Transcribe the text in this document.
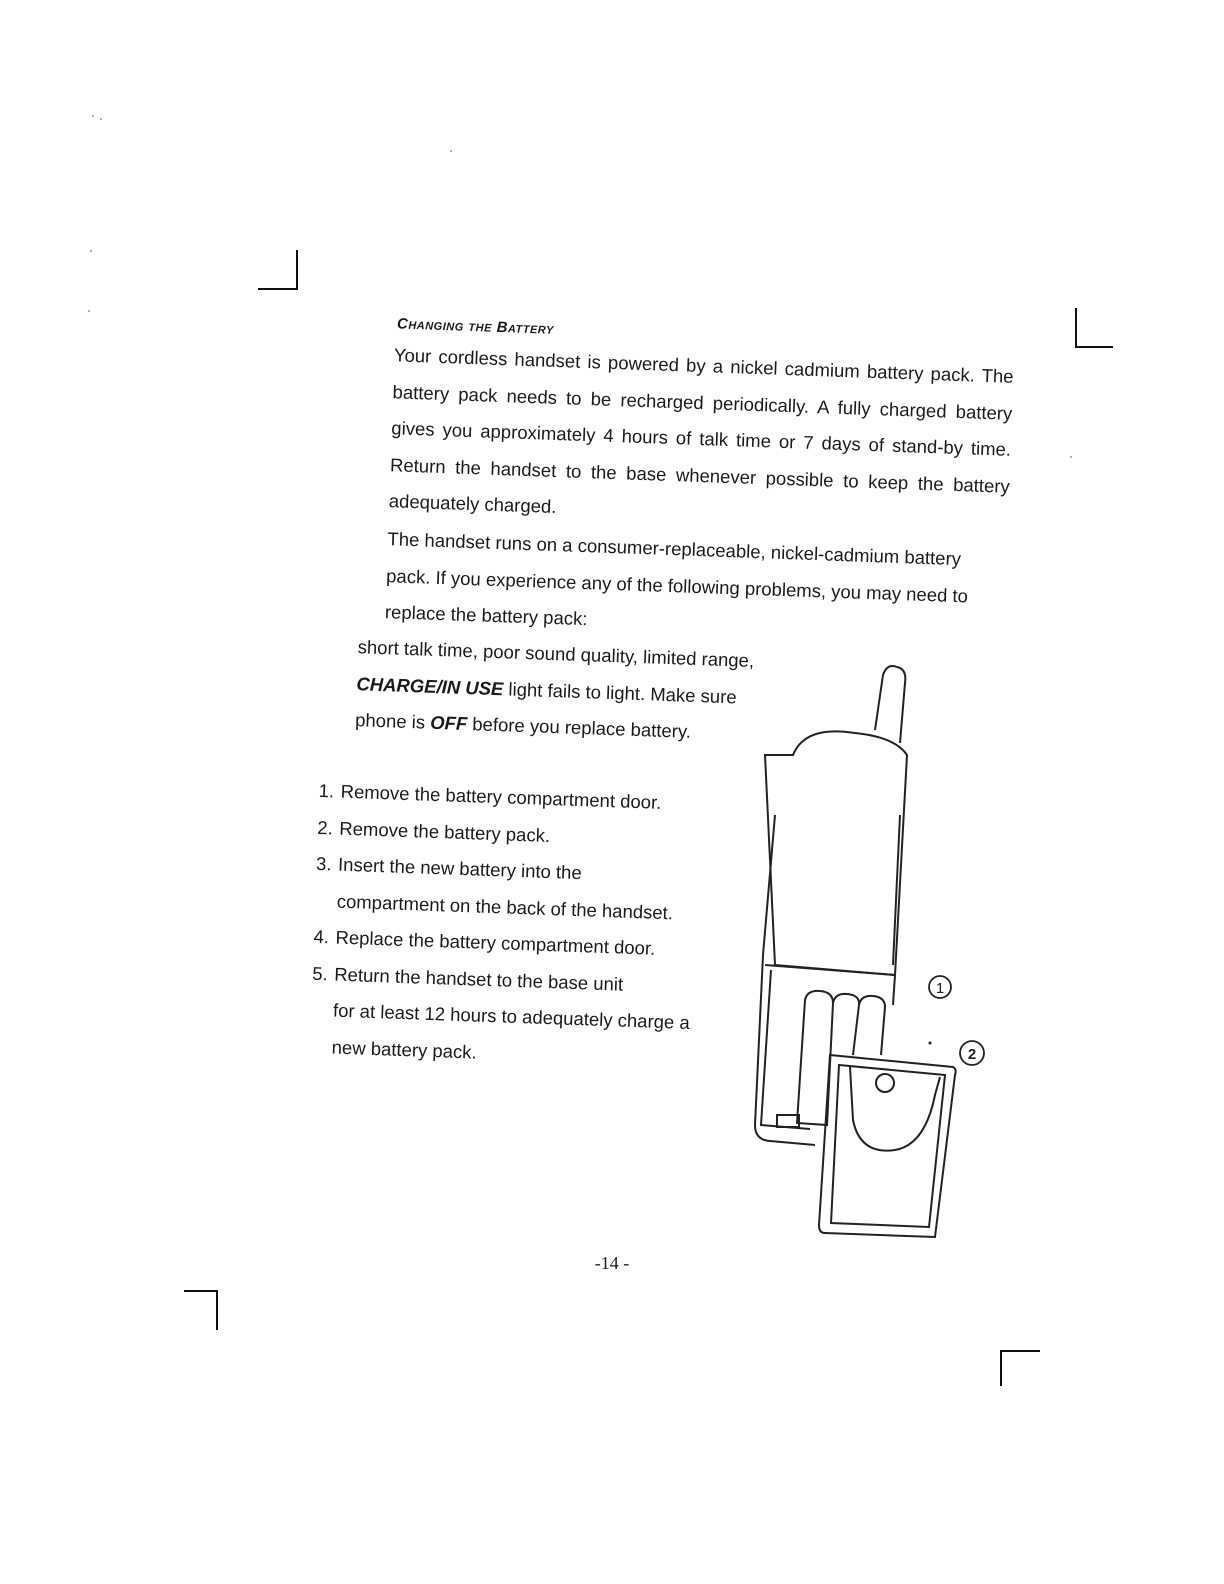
CHANGING THE BATTERY
Your cordless handset is powered by a nickel cadmium battery pack. The battery pack needs to be recharged periodically. A fully charged battery gives you approximately 4 hours of talk time or 7 days of stand-by time. Return the handset to the base whenever possible to keep the battery adequately charged.
The handset runs on a consumer-replaceable, nickel-cadmium battery pack. If you experience any of the following problems, you may need to replace the battery pack:
short talk time, poor sound quality, limited range, CHARGE/IN USE light fails to light. Make sure phone is OFF before you replace battery.
1. Remove the battery compartment door.
2. Remove the battery pack.
3. Insert the new battery into the
compartment on the back of the handset.
4. Replace the battery compartment door.
5. Return the handset to the base unit
for at least 12 hours to adequately charge a new battery pack.
1
2
-14 -
